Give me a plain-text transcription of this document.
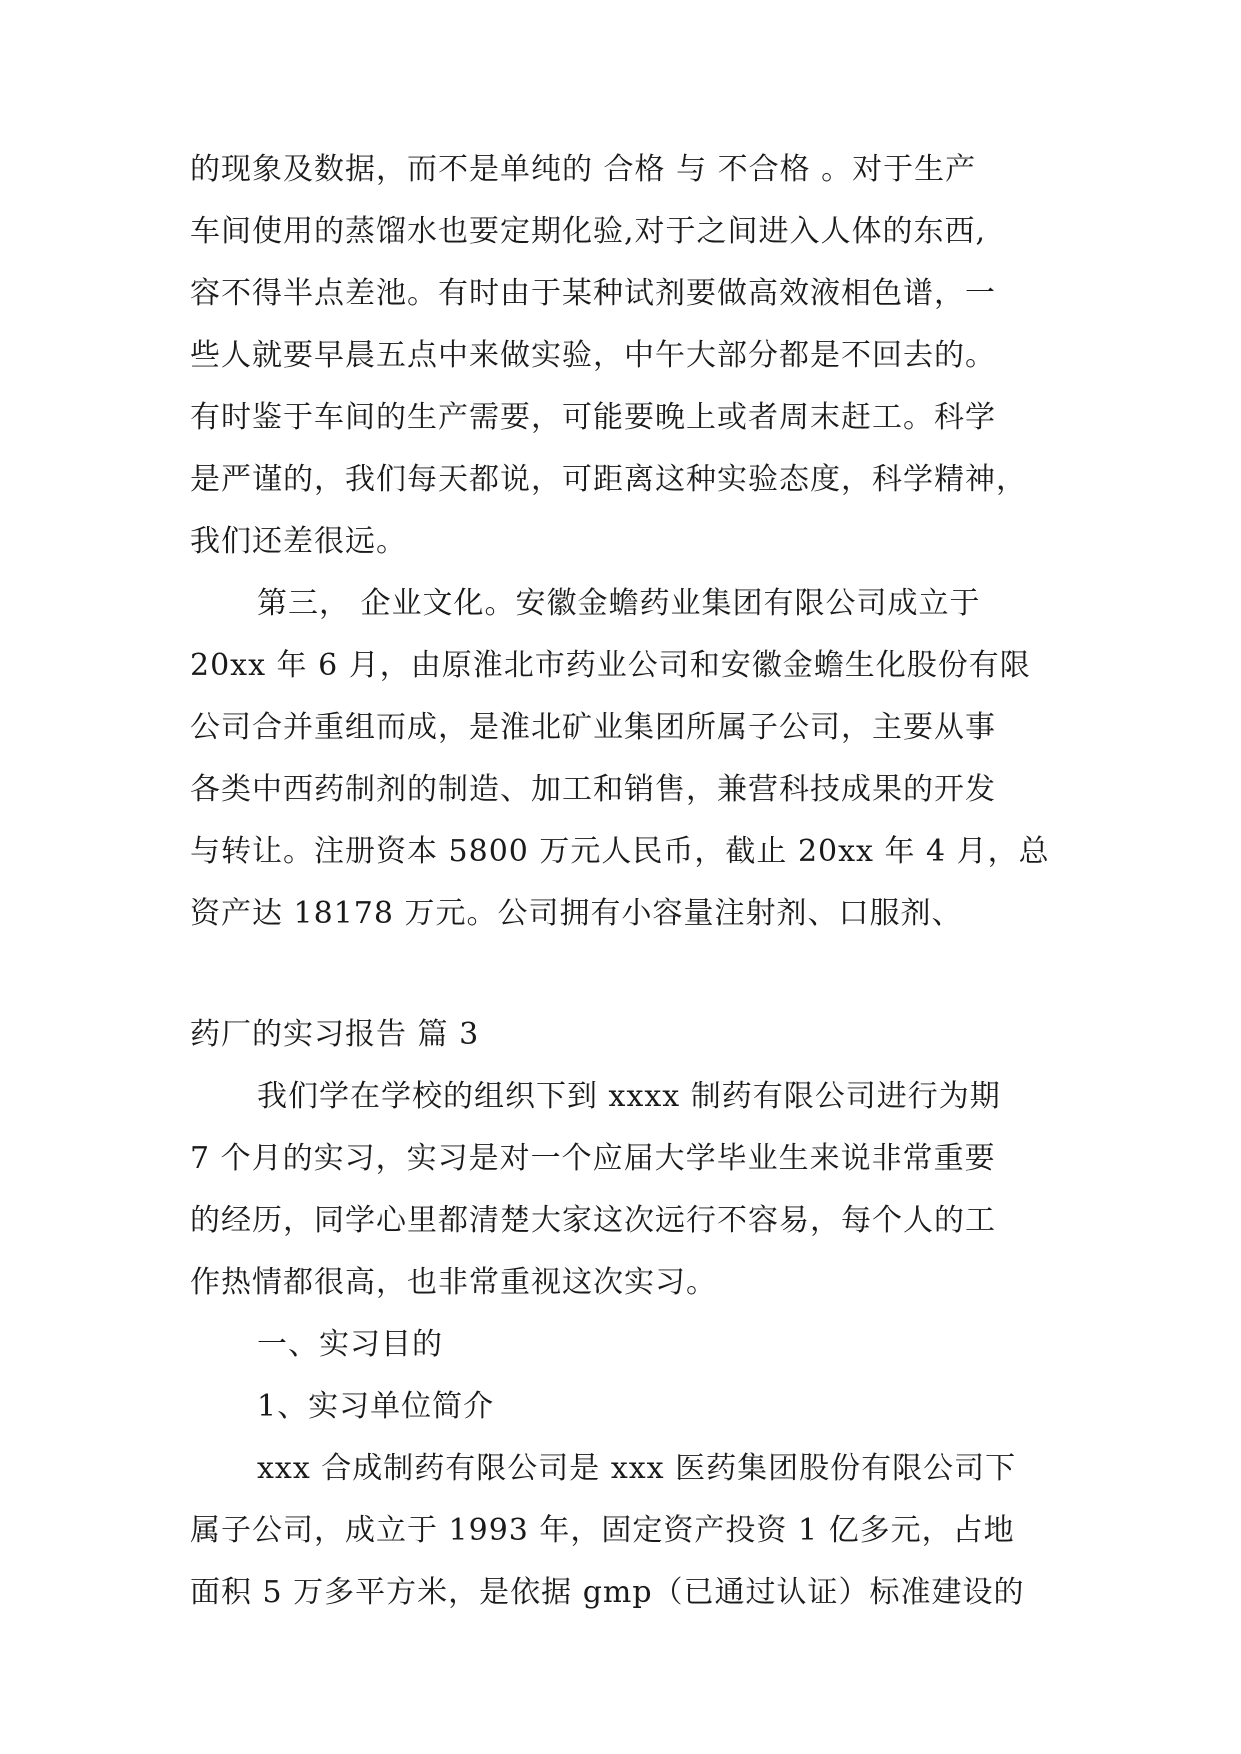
的现象及数据，而不是单纯的 合格 与 不合格 。对于生产
车间使用的蒸馏水也要定期化验,对于之间进入人体的东西,
容不得半点差池。有时由于某种试剂要做高效液相色谱，一
些人就要早晨五点中来做实验，中午大部分都是不回去的。
有时鉴于车间的生产需要，可能要晚上或者周末赶工。科学
是严谨的，我们每天都说，可距离这种实验态度，科学精神，
我们还差很远。
第三， 企业文化。安徽金蟾药业集团有限公司成立于
20xx 年 6 月，由原淮北市药业公司和安徽金蟾生化股份有限
公司合并重组而成，是淮北矿业集团所属子公司，主要从事
各类中西药制剂的制造、加工和销售，兼营科技成果的开发
与转让。注册资本 5800 万元人民币，截止 20xx 年 4 月，总
资产达 18178 万元。公司拥有小容量注射剂、口服剂、
药厂的实习报告 篇 3
我们学在学校的组织下到 xxxx 制药有限公司进行为期
7 个月的实习，实习是对一个应届大学毕业生来说非常重要
的经历，同学心里都清楚大家这次远行不容易，每个人的工
作热情都很高，也非常重视这次实习。
一、实习目的
1、实习单位简介
xxx 合成制药有限公司是 xxx 医药集团股份有限公司下
属子公司，成立于 1993 年，固定资产投资 1 亿多元，占地
面积 5 万多平方米，是依据 gmp（已通过认证）标准建设的
